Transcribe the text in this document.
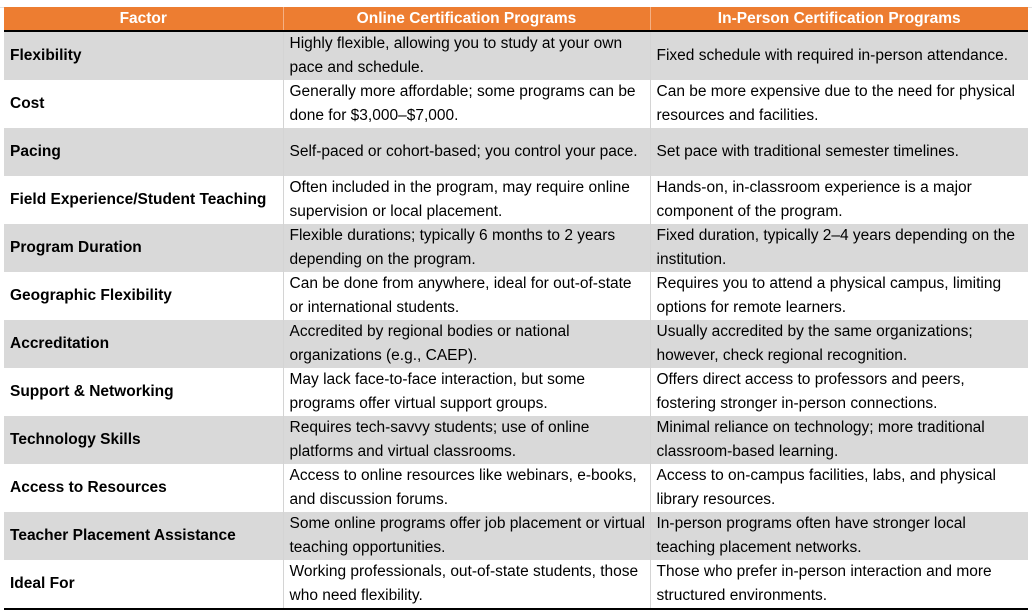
Factor	Online Certification Programs	In-Person Certification Programs
Flexibility	Highly flexible, allowing you to study at your own pace and schedule.	Fixed schedule with required in-person attendance.
Cost	Generally more affordable; some programs can be done for $3,000–$7,000.	Can be more expensive due to the need for physical resources and facilities.
Pacing	Self-paced or cohort-based; you control your pace.	Set pace with traditional semester timelines.
Field Experience/Student Teaching	Often included in the program, may require online supervision or local placement.	Hands-on, in-classroom experience is a major component of the program.
Program Duration	Flexible durations; typically 6 months to 2 years depending on the program.	Fixed duration, typically 2–4 years depending on the institution.
Geographic Flexibility	Can be done from anywhere, ideal for out-of-state or international students.	Requires you to attend a physical campus, limiting options for remote learners.
Accreditation	Accredited by regional bodies or national organizations (e.g., CAEP).	Usually accredited by the same organizations; however, check regional recognition.
Support & Networking	May lack face-to-face interaction, but some programs offer virtual support groups.	Offers direct access to professors and peers, fostering stronger in-person connections.
Technology Skills	Requires tech-savvy students; use of online platforms and virtual classrooms.	Minimal reliance on technology; more traditional classroom-based learning.
Access to Resources	Access to online resources like webinars, e-books, and discussion forums.	Access to on-campus facilities, labs, and physical library resources.
Teacher Placement Assistance	Some online programs offer job placement or virtual teaching opportunities.	In-person programs often have stronger local teaching placement networks.
Ideal For	Working professionals, out-of-state students, those who need flexibility.	Those who prefer in-person interaction and more structured environments.
